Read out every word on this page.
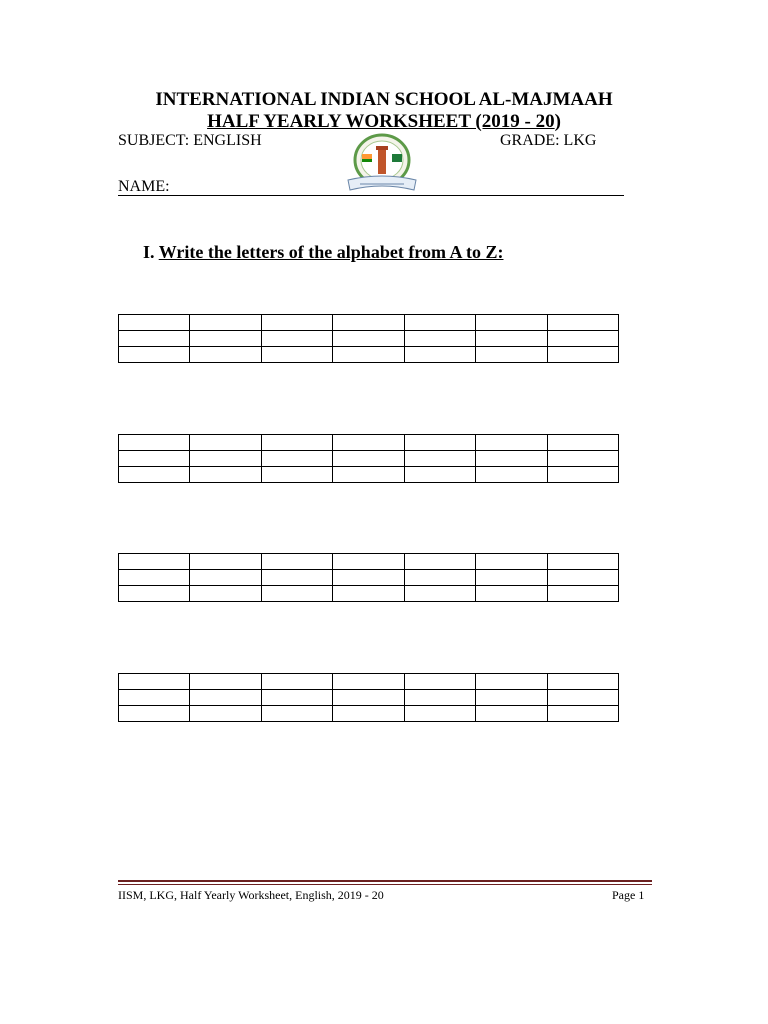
INTERNATIONAL INDIAN SCHOOL AL-MAJMAAH
HALF YEARLY WORKSHEET (2019 - 20)
SUBJECT: ENGLISH	GRADE: LKG
NAME:
I. Write the letters of the alphabet from A to Z:

IISM, LKG, Half Yearly Worksheet, English, 2019 - 20	Page 1
